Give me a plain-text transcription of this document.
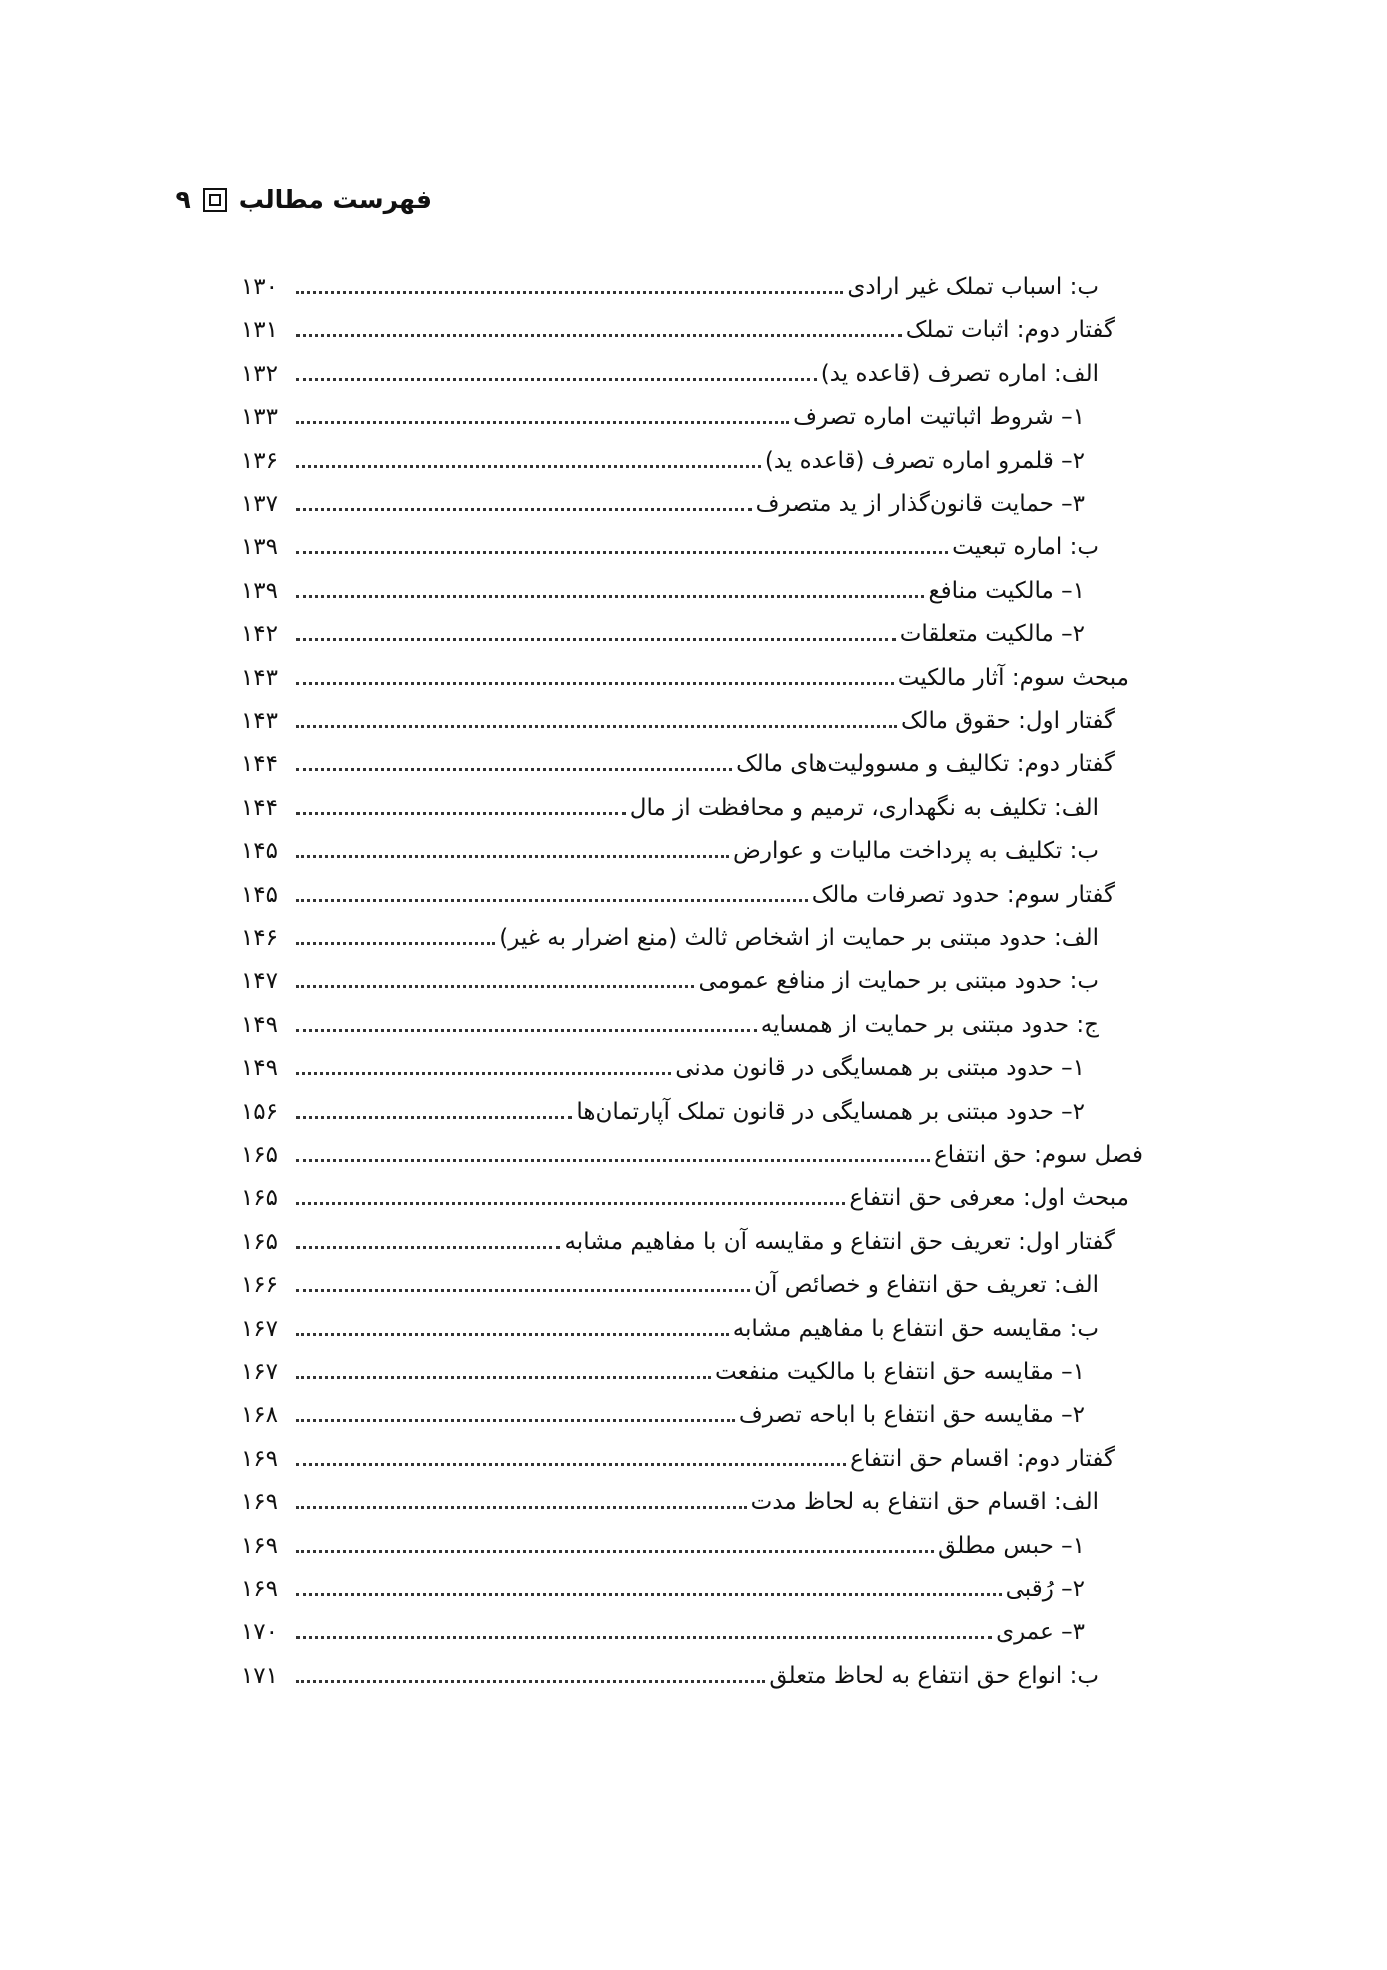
فهرست مطالب
۹
ب: اسباب تملک غیر ارادی
۱۳۰
گفتار دوم: اثبات تملک
۱۳۱
الف: اماره تصرف (قاعده ید)
۱۳۲
۱– شروط اثباتیت اماره تصرف
۱۳۳
۲– قلمرو اماره تصرف (قاعده ید)
۱۳۶
۳– حمایت قانون‌گذار از ید متصرف
۱۳۷
ب: اماره تبعیت
۱۳۹
۱– مالکیت منافع
۱۳۹
۲– مالکیت متعلقات
۱۴۲
مبحث سوم: آثار مالکیت
۱۴۳
گفتار اول: حقوق مالک
۱۴۳
گفتار دوم: تکالیف و مسوولیت‌های مالک
۱۴۴
الف: تکلیف به نگهداری، ترمیم و محافظت از مال
۱۴۴
ب: تکلیف به پرداخت مالیات و عوارض
۱۴۵
گفتار سوم: حدود تصرفات مالک
۱۴۵
الف: حدود مبتنی بر حمایت از اشخاص ثالث (منع اضرار به غیر)
۱۴۶
ب: حدود مبتنی بر حمایت از منافع عمومی
۱۴۷
ج: حدود مبتنی بر حمایت از همسایه
۱۴۹
۱– حدود مبتنی بر همسایگی در قانون مدنی
۱۴۹
۲– حدود مبتنی بر همسایگی در قانون تملک آپارتمان‌ها
۱۵۶
فصل سوم: حق انتفاع
۱۶۵
مبحث اول: معرفی حق انتفاع
۱۶۵
گفتار اول: تعریف حق انتفاع و مقایسه آن با مفاهیم مشابه
۱۶۵
الف: تعریف حق انتفاع و خصائص آن
۱۶۶
ب: مقایسه حق انتفاع با مفاهیم مشابه
۱۶۷
۱– مقایسه حق انتفاع با مالکیت منفعت
۱۶۷
۲– مقایسه حق انتفاع با اباحه تصرف
۱۶۸
گفتار دوم: اقسام حق انتفاع
۱۶۹
الف: اقسام حق انتفاع به لحاظ مدت
۱۶۹
۱– حبس مطلق
۱۶۹
۲– رُقبی
۱۶۹
۳– عمری
۱۷۰
ب: انواع حق انتفاع به لحاظ متعلق
۱۷۱
